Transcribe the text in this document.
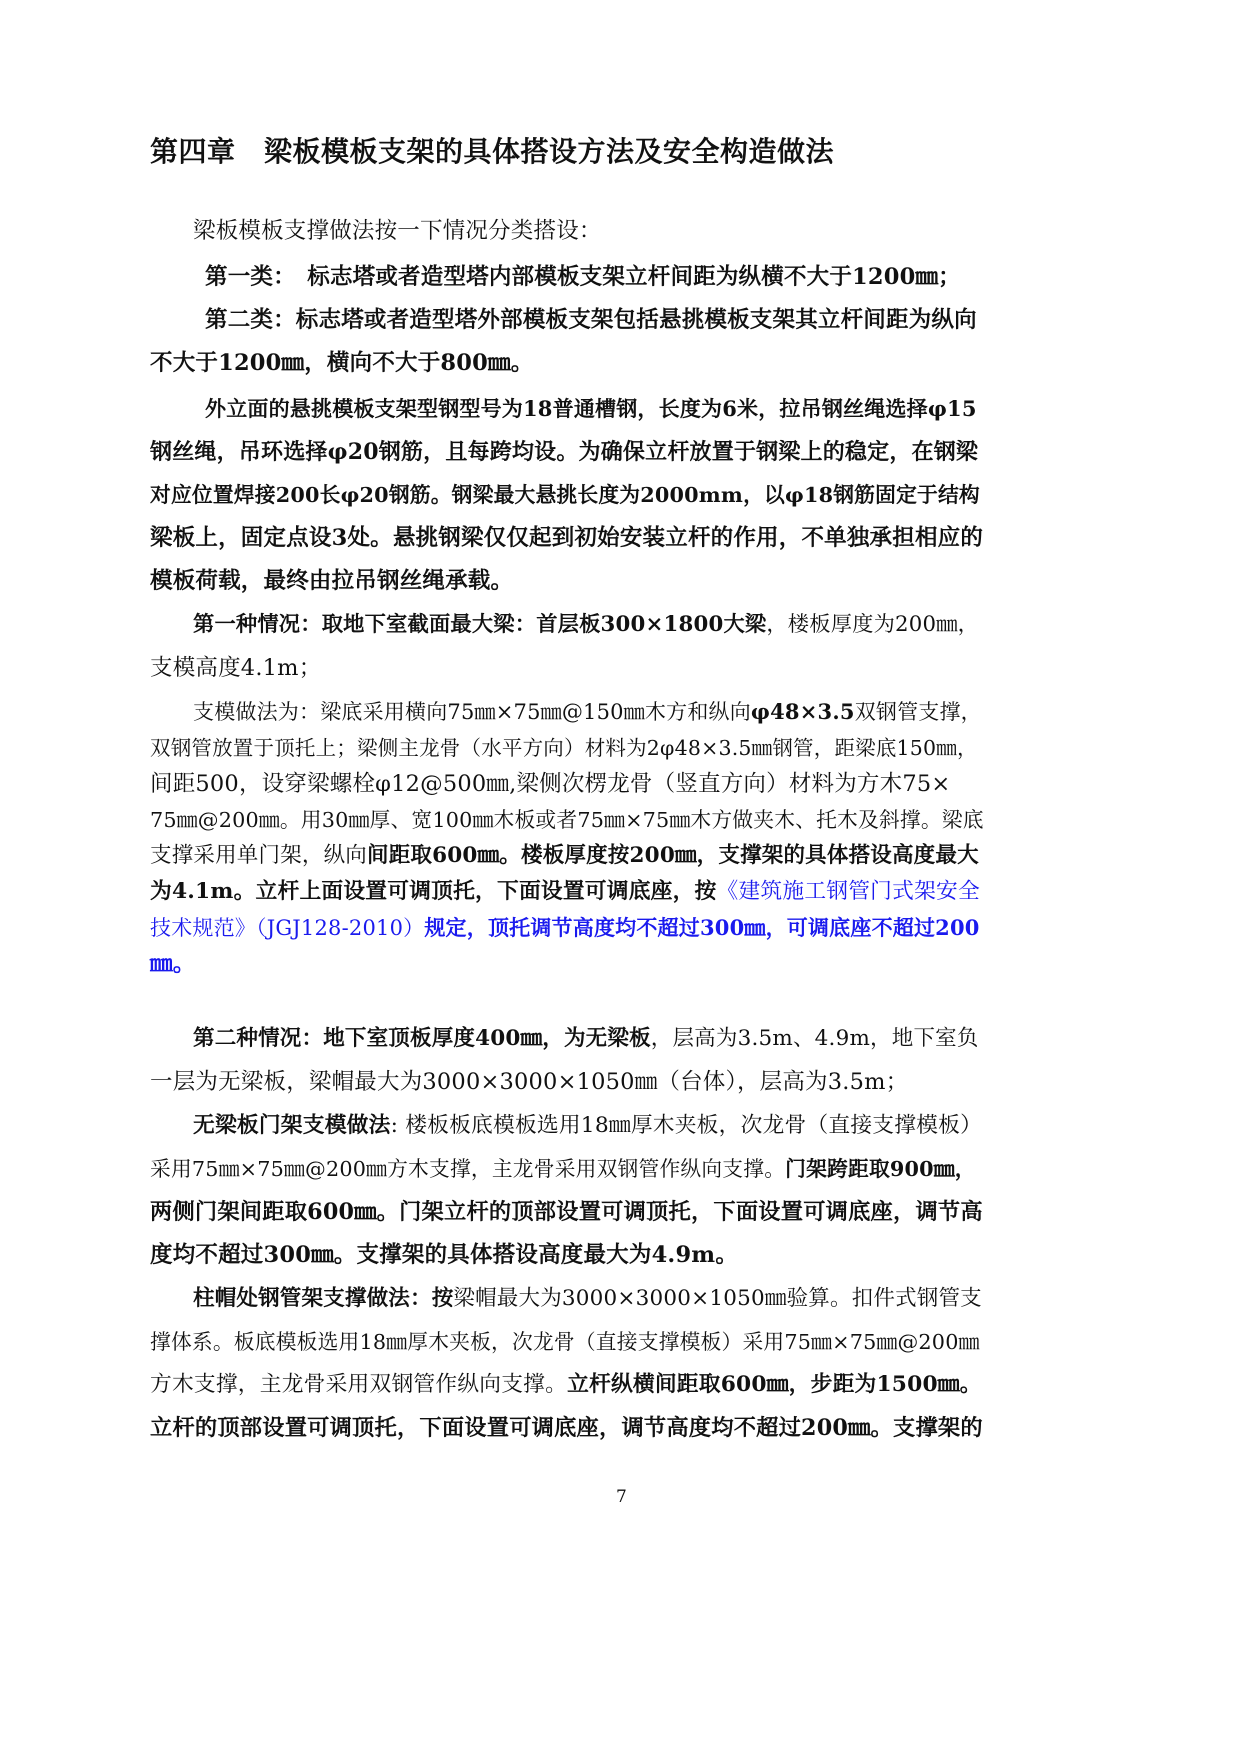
第四章　梁板模板支架的具体搭设方法及安全构造做法
梁板模板支撑做法按一下情况分类搭设：
第一类：　标志塔或者造型塔内部模板支架立杆间距为纵横不大于1200㎜；
第二类：标志塔或者造型塔外部模板支架包括悬挑模板支架其立杆间距为纵向
不大于1200㎜，横向不大于800㎜。
外立面的悬挑模板支架型钢型号为18普通槽钢，长度为6米，拉吊钢丝绳选择φ15
钢丝绳，吊环选择φ20钢筋，且每跨均设。为确保立杆放置于钢梁上的稳定，在钢梁
对应位置焊接200长φ20钢筋。钢梁最大悬挑长度为2000mm，以φ18钢筋固定于结构
梁板上，固定点设3处。悬挑钢梁仅仅起到初始安装立杆的作用，不单独承担相应的
模板荷载，最终由拉吊钢丝绳承载。
第一种情况：取地下室截面最大梁：首层板300×1800大梁，楼板厚度为200㎜，
支模高度4.1m；
支模做法为：梁底采用横向75㎜×75㎜@150㎜木方和纵向φ48×3.5双钢管支撑，
双钢管放置于顶托上；梁侧主龙骨（水平方向）材料为2φ48×3.5㎜钢管，距梁底150㎜，
间距500，设穿梁螺栓φ12@500㎜,梁侧次楞龙骨（竖直方向）材料为方木75×
75㎜@200㎜。用30㎜厚、宽100㎜木板或者75㎜×75㎜木方做夹木、托木及斜撑。梁底
支撑采用单门架，纵向间距取600㎜。楼板厚度按200㎜，支撑架的具体搭设高度最大
为4.1m。立杆上面设置可调顶托，下面设置可调底座，按《建筑施工钢管门式架安全
技术规范》（JGJ128-2010）规定，顶托调节高度均不超过300㎜，可调底座不超过200
㎜。
第二种情况：地下室顶板厚度400㎜，为无梁板，层高为3.5m、4.9m，地下室负
一层为无梁板，梁帽最大为3000×3000×1050㎜（台体），层高为3.5m；
无梁板门架支模做法: 楼板板底模板选用18㎜厚木夹板，次龙骨（直接支撑模板）
采用75㎜×75㎜@200㎜方木支撑，主龙骨采用双钢管作纵向支撑。门架跨距取900㎜，
两侧门架间距取600㎜。门架立杆的顶部设置可调顶托，下面设置可调底座，调节高
度均不超过300㎜。支撑架的具体搭设高度最大为4.9m。
柱帽处钢管架支撑做法：按梁帽最大为3000×3000×1050㎜验算。扣件式钢管支
撑体系。板底模板选用18㎜厚木夹板，次龙骨（直接支撑模板）采用75㎜×75㎜@200㎜
方木支撑，主龙骨采用双钢管作纵向支撑。立杆纵横间距取600㎜，步距为1500㎜。
立杆的顶部设置可调顶托，下面设置可调底座，调节高度均不超过200㎜。支撑架的
7
